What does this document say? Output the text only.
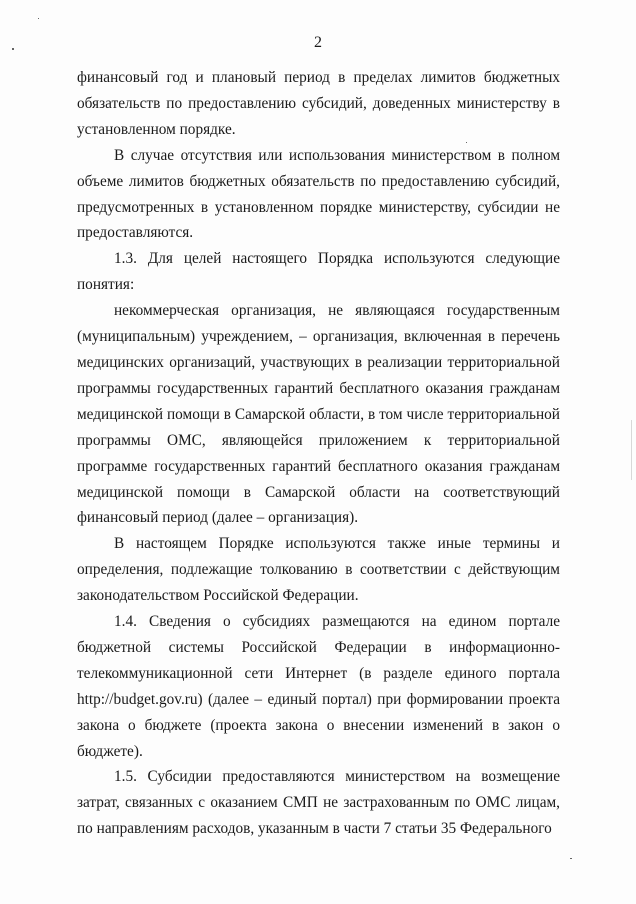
2

финансовый год и плановый период в пределах лимитов бюджетных обязательств по предоставлению субсидий, доведенных министерству в установленном порядке.

В случае отсутствия или использования министерством в полном объеме лимитов бюджетных обязательств по предоставлению субсидий, предусмотренных в установленном порядке министерству, субсидии не предоставляются.

1.3. Для целей настоящего Порядка используются следующие понятия:

некоммерческая организация, не являющаяся государственным (муниципальным) учреждением, – организация, включенная в перечень медицинских организаций, участвующих в реализации территориальной программы государственных гарантий бесплатного оказания гражданам медицинской помощи в Самарской области, в том числе территориальной программы ОМС, являющейся приложением к территориальной программе государственных гарантий бесплатного оказания гражданам медицинской помощи в Самарской области на соответствующий финансовый период (далее – организация).

В настоящем Порядке используются также иные термины и определения, подлежащие толкованию в соответствии с действующим законодательством Российской Федерации.

1.4. Сведения о субсидиях размещаются на едином портале бюджетной системы Российской Федерации в информационно-телекоммуникационной сети Интернет (в разделе единого портала http://budget.gov.ru) (далее – единый портал) при формировании проекта закона о бюджете (проекта закона о внесении изменений в закон о бюджете).

1.5. Субсидии предоставляются министерством на возмещение затрат, связанных с оказанием СМП не застрахованным по ОМС лицам, по направлениям расходов, указанным в части 7 статьи 35 Федерального
